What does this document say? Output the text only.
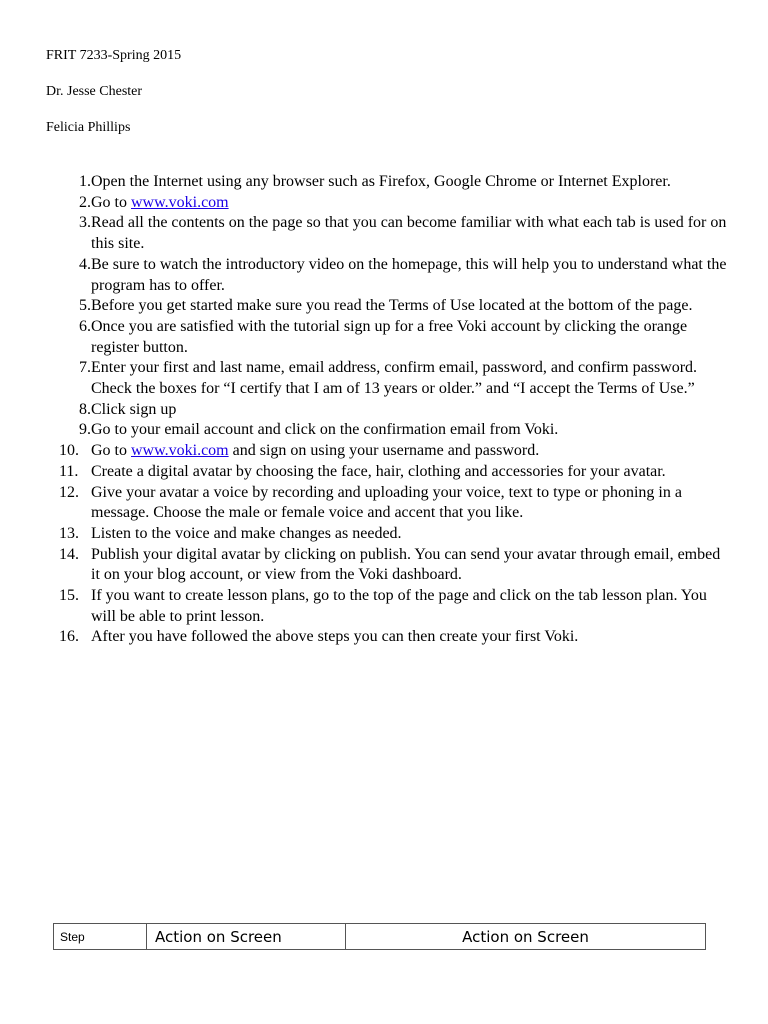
FRIT 7233-Spring 2015
Dr. Jesse Chester
Felicia Phillips
1. Open the Internet using any browser such as Firefox, Google Chrome or Internet Explorer.
2. Go to www.voki.com
3. Read all the contents on the page so that you can become familiar with what each tab is used for on this site.
4. Be sure to watch the introductory video on the homepage, this will help you to understand what the program has to offer.
5. Before you get started make sure you read the Terms of Use located at the bottom of the page.
6. Once you are satisfied with the tutorial sign up for a free Voki account by clicking the orange register button.
7. Enter your first and last name, email address, confirm email, password, and confirm password. Check the boxes for “I certify that I am of 13 years or older.” and “I accept the Terms of Use.”
8. Click sign up
9. Go to your email account and click on the confirmation email from Voki.
10. Go to www.voki.com and sign on using your username and password.
11. Create a digital avatar by choosing the face, hair, clothing and accessories for your avatar.
12. Give your avatar a voice by recording and uploading your voice, text to type or phoning in a message. Choose the male or female voice and accent that you like.
13. Listen to the voice and make changes as needed.
14. Publish your digital avatar by clicking on publish. You can send your avatar through email, embed it on your blog account, or view from the Voki dashboard.
15. If you want to create lesson plans, go to the top of the page and click on the tab lesson plan. You will be able to print lesson.
16. After you have followed the above steps you can then create your first Voki.
Step	Action on Screen	Action on Screen
